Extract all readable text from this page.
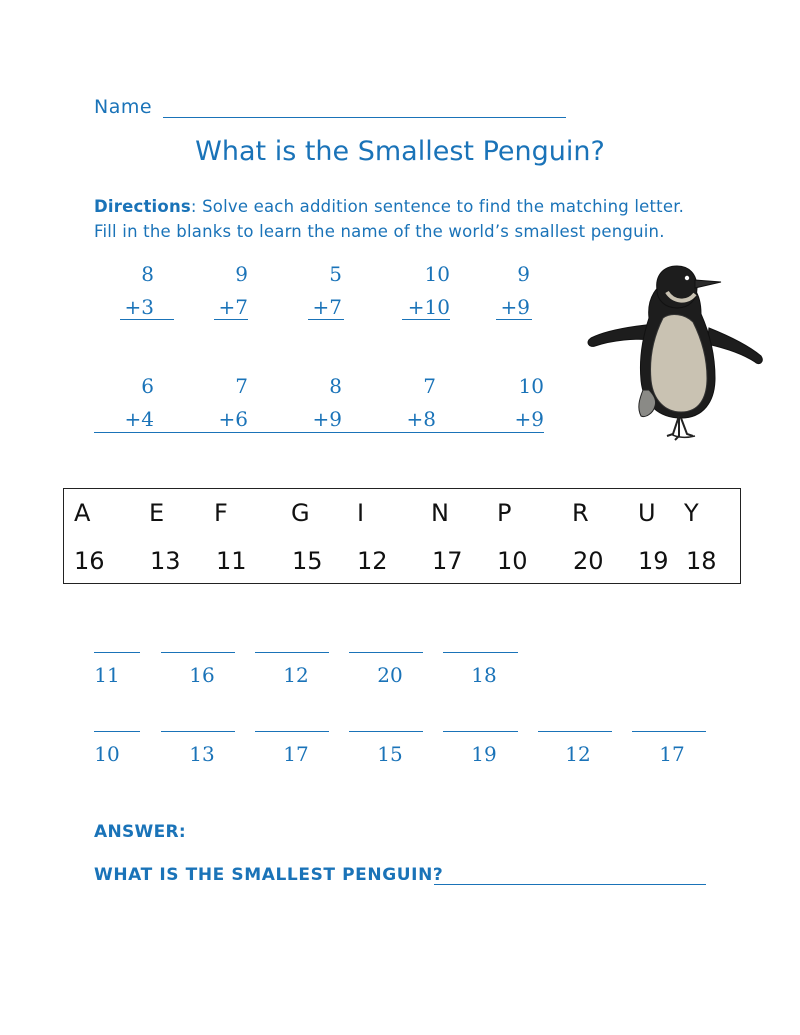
Name
What is the Smallest Penguin?
Directions: Solve each addition sentence to find the matching letter.
Fill in the blanks to learn the name of the world’s smallest penguin.
8
+3
9
+7
5
+7
10
+10
9
+9
6
+4
7
+6
8
+9
7
+8
10
+9
A E F	G I	N P	R U Y
16 13 11 15 12 17 10 20 19 18
11	16	12	20	18
10	13	17	15	19	12	17
ANSWER:
WHAT IS THE SMALLEST PENGUIN?
